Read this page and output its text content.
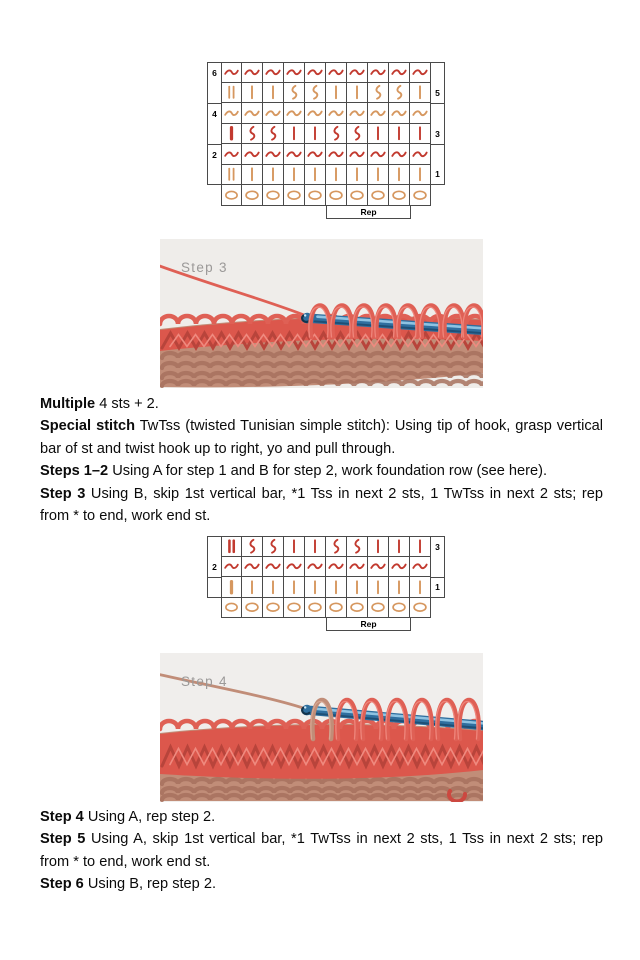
6
5
4
3
2
1
Rep
Step 3

Multiple 4 sts + 2.

Special stitch TwTss (twisted Tunisian simple stitch): Using tip of hook, grasp vertical bar of st and twist hook up to right, yo and pull through.

Steps 1–2 Using A for step 1 and B for step 2, work foundation row (see here).

Step 3 Using B, skip 1st vertical bar, *1 Tss in next 2 sts, 1 TwTss in next 2 sts; rep from * to end, work end st.

3
2
1
Rep
Step 4

Step 4 Using A, rep step 2.

Step 5 Using A, skip 1st vertical bar, *1 TwTss in next 2 sts, 1 Tss in next 2 sts; rep from * to end, work end st.

Step 6 Using B, rep step 2.
